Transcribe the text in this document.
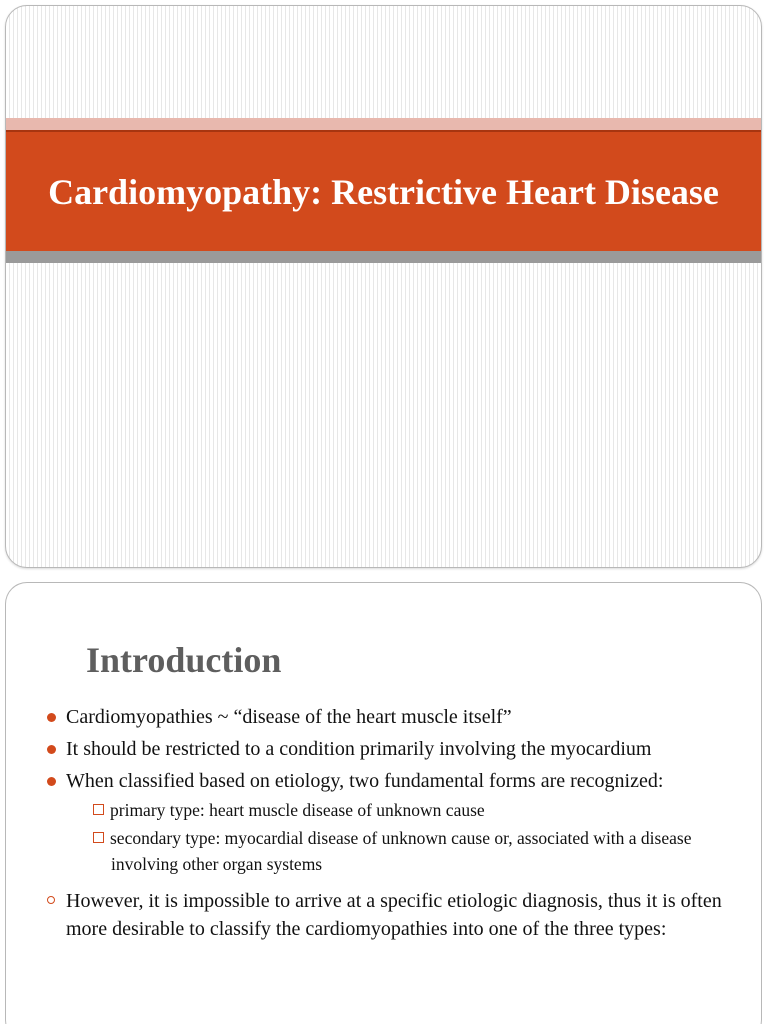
Cardiomyopathy: Restrictive Heart Disease
Introduction
Cardiomyopathies ~ “disease of the heart muscle itself”
It should be restricted to a condition primarily involving the myocardium
When classified based on etiology, two fundamental forms are recognized:
primary type: heart muscle disease of unknown cause
secondary type: myocardial disease of unknown cause or, associated with a disease involving other organ systems
However, it is impossible to arrive at a specific etiologic diagnosis, thus it is often more desirable to classify the cardiomyopathies into one of the three types:
